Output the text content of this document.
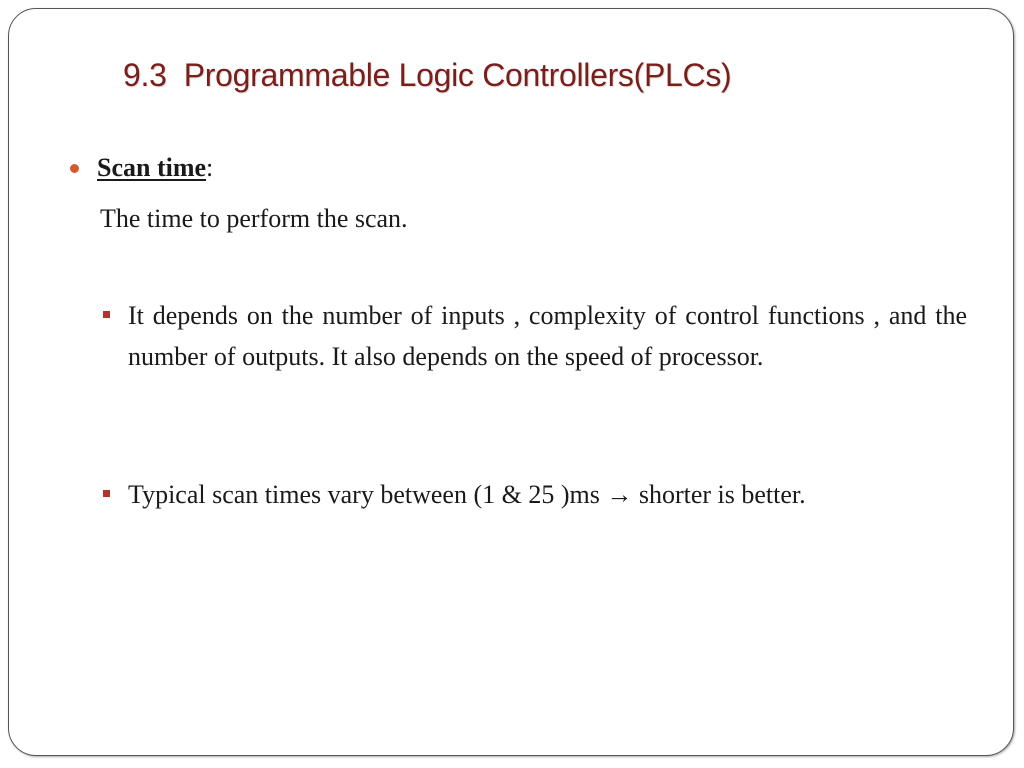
9.3  Programmable Logic Controllers(PLCs)
Scan time:
The time to perform the scan.
It depends on the number of inputs , complexity of control functions , and the number of outputs. It also depends on the speed of processor.
Typical scan times vary between (1 & 25 )ms → shorter is better.
